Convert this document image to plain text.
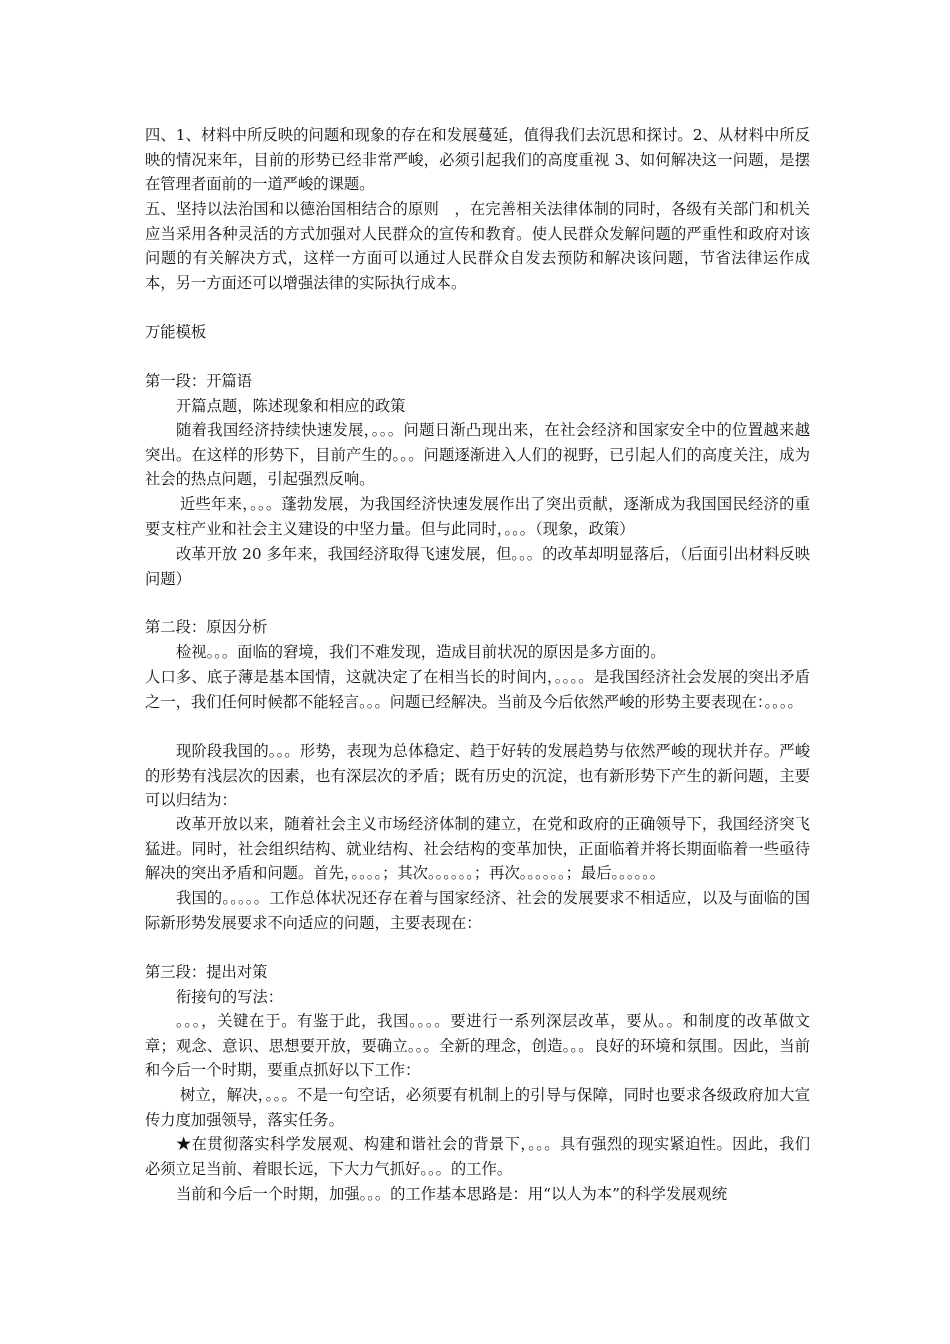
四、1、材料中所反映的问题和现象的存在和发展蔓延，值得我们去沉思和探讨。2、从材料中所反映的情况来年，目前的形势已经非常严峻，必须引起我们的高度重视 3、如何解决这一问题，是摆在管理者面前的一道严峻的课题。

五、坚持以法治国和以德治国相结合的原则　，在完善相关法律体制的同时，各级有关部门和机关　应当采用各种灵活的方式加强对人民群众的宣传和教育。使人民群众发解问题的严重性和政府对该问题的有关解决方式，这样一方面可以通过人民群众自发去预防和解决该问题，节省法律运作成本，另一方面还可以增强法律的实际执行成本。

万能模板

第一段：开篇语

开篇点题，陈述现象和相应的政策

随着我国经济持续快速发展，。。。问题日渐凸现出来，在社会经济和国家安全中的位置越来越突出。在这样的形势下，目前产生的。。。问题逐渐进入人们的视野，已引起人们的高度关注，成为社会的热点问题，引起强烈反响。

近些年来，。。。蓬勃发展，为我国经济快速发展作出了突出贡献，逐渐成为我国国民经济的重要支柱产业和社会主义建设的中坚力量。但与此同时，。。。（现象，政策）

改革开放 20 多年来，我国经济取得飞速发展，但。。。的改革却明显落后，（后面引出材料反映问题）

第二段：原因分析

检视。。。面临的窘境，我们不难发现，造成目前状况的原因是多方面的。

人口多、底子薄是基本国情，这就决定了在相当长的时间内，。。。。是我国经济社会发展的突出矛盾之一，我们任何时候都不能轻言。。。问题已经解决。当前及今后依然严峻的形势主要表现在：。。。。

现阶段我国的。。。形势，表现为总体稳定、趋于好转的发展趋势与依然严峻的现状并存。严峻的形势有浅层次的因素，也有深层次的矛盾；既有历史的沉淀，也有新形势下产生的新问题，主要可以归结为：

改革开放以来，随着社会主义市场经济体制的建立，在党和政府的正确领导下，我国经济突飞猛进。同时，社会组织结构、就业结构、社会结构的变革加快，正面临着并将长期面临着一些亟待解决的突出矛盾和问题。首先，。。。。；其次。。。。。。；再次。。。。。。；最后。。。。。。

我国的。。。。。工作总体状况还存在着与国家经济、社会的发展要求不相适应，以及与面临的国际新形势发展要求不向适应的问题，主要表现在：

第三段：提出对策

衔接句的写法：

。。。，关键在于。有鉴于此，我国。。。。要进行一系列深层改革，要从。。和制度的改革做文章；观念、意识、思想要开放，要确立。。。全新的理念，创造。。。良好的环境和氛围。因此，当前和今后一个时期，要重点抓好以下工作：

树立，解决，。。。不是一句空话，必须要有机制上的引导与保障，同时也要求各级政府加大宣传力度加强领导，落实任务。

★在贯彻落实科学发展观、构建和谐社会的背景下，。。。具有强烈的现实紧迫性。因此，我们必须立足当前、着眼长远，下大力气抓好。。。的工作。

当前和今后一个时期，加强。。。的工作基本思路是：用“以人为本”的科学发展观统
